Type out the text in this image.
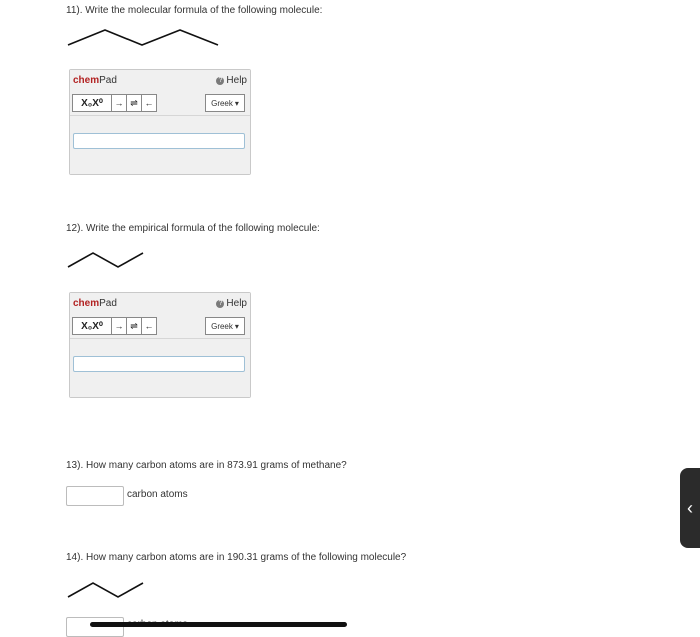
11). Write the molecular formula of the following molecule:
chemPad	? Help
X₀X⁰	→ ⇌ ←	Greek ▾
12). Write the empirical formula of the following molecule:
chemPad	? Help
X₀X⁰	→ ⇌ ←	Greek ▾
13). How many carbon atoms are in 873.91 grams of methane?
carbon atoms
14). How many carbon atoms are in 190.31 grams of the following molecule?
‹
